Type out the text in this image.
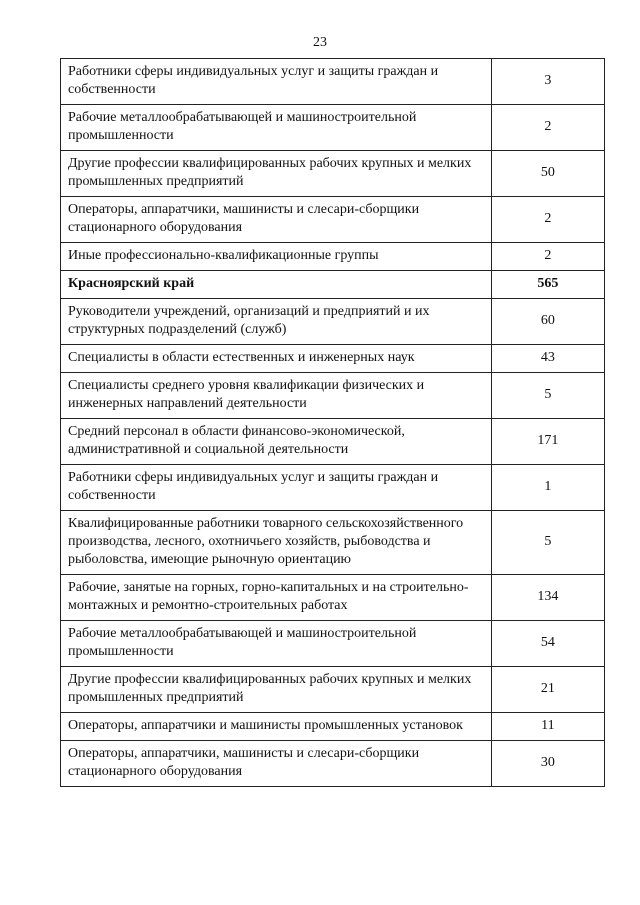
23
Работники сферы индивидуальных услуг и защиты граждан и собственности	3
Рабочие металлообрабатывающей и машиностроительной промышленности	2
Другие профессии квалифицированных рабочих крупных и мелких промышленных предприятий	50
Операторы, аппаратчики, машинисты и слесари-сборщики стационарного оборудования	2
Иные профессионально-квалификационные группы	2
Красноярский край	565
Руководители учреждений, организаций и предприятий и их структурных подразделений (служб)	60
Специалисты в области естественных и инженерных наук	43
Специалисты среднего уровня квалификации физических и инженерных направлений деятельности	5
Средний персонал в области финансово-экономической, административной и социальной деятельности	171
Работники сферы индивидуальных услуг и защиты граждан и собственности	1
Квалифицированные работники товарного сельскохозяйственного производства, лесного, охотничьего хозяйств, рыбоводства и рыболовства, имеющие рыночную ориентацию	5
Рабочие, занятые на горных, горно-капитальных и на строительно-монтажных и ремонтно-строительных работах	134
Рабочие металлообрабатывающей и машиностроительной промышленности	54
Другие профессии квалифицированных рабочих крупных и мелких промышленных предприятий	21
Операторы, аппаратчики и машинисты промышленных установок	11
Операторы, аппаратчики, машинисты и слесари-сборщики стационарного оборудования	30
